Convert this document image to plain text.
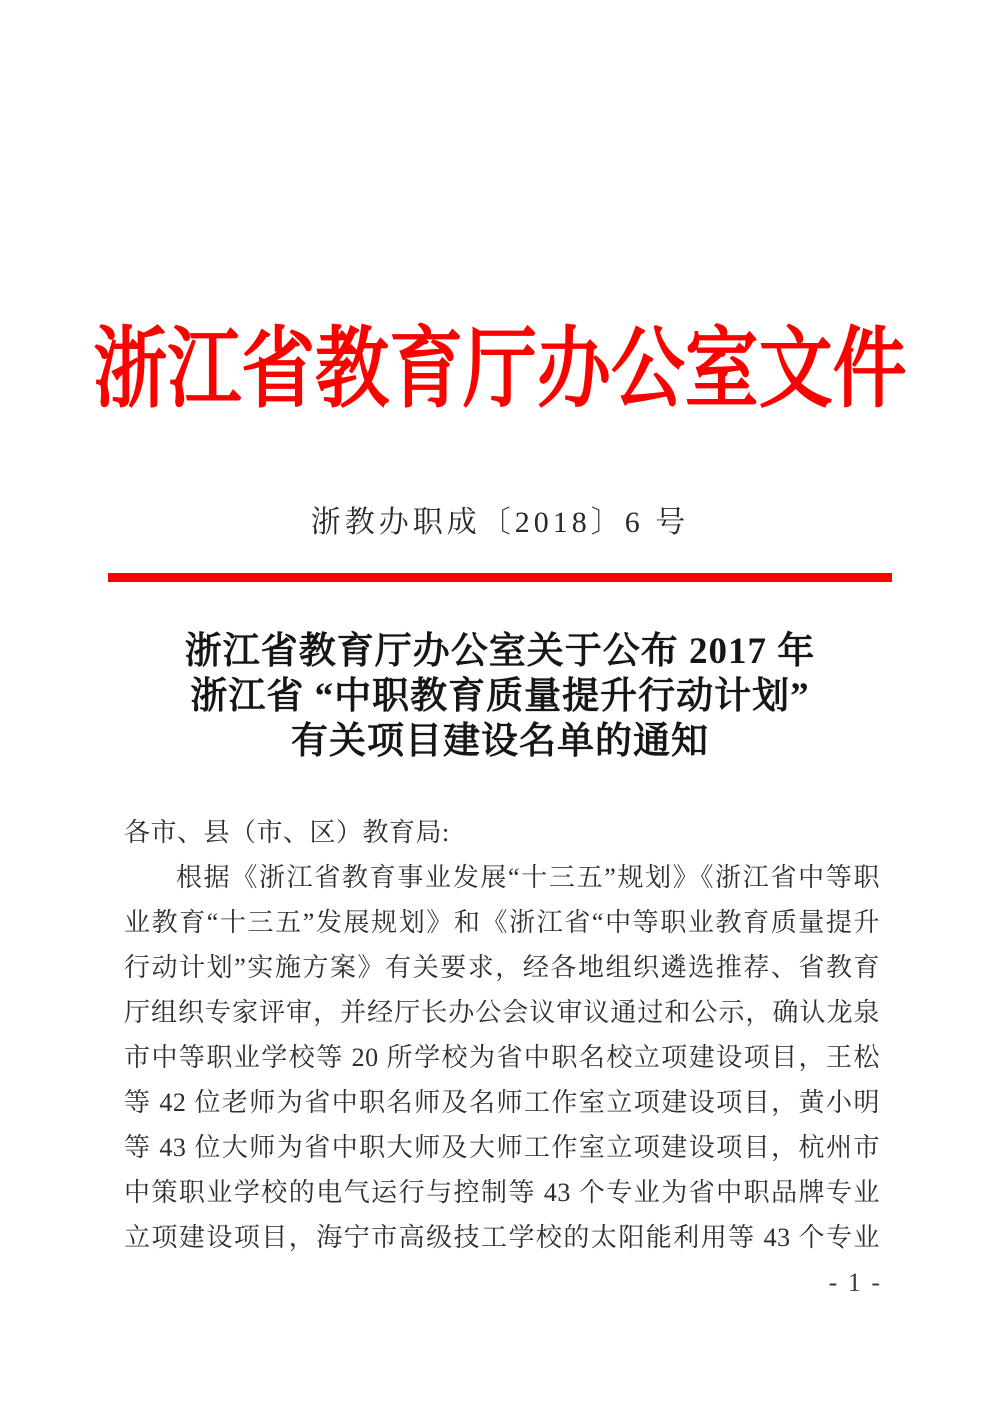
浙江省教育厅办公室文件
浙教办职成〔2018〕6 号
浙江省教育厅办公室关于公布 2017 年
浙江省 “中职教育质量提升行动计划”
有关项目建设名单的通知
各市、县（市、区）教育局:
根据《浙江省教育事业发展“十三五”规划》《浙江省中等职
业教育“十三五”发展规划》和《浙江省“中等职业教育质量提升
行动计划”实施方案》有关要求，经各地组织遴选推荐、省教育
厅组织专家评审，并经厅长办公会议审议通过和公示，确认龙泉
市中等职业学校等 20 所学校为省中职名校立项建设项目，王松
等 42 位老师为省中职名师及名师工作室立项建设项目，黄小明
等 43 位大师为省中职大师及大师工作室立项建设项目，杭州市
中策职业学校的电气运行与控制等 43 个专业为省中职品牌专业
立项建设项目，海宁市高级技工学校的太阳能利用等 43 个专业
- 1 -
